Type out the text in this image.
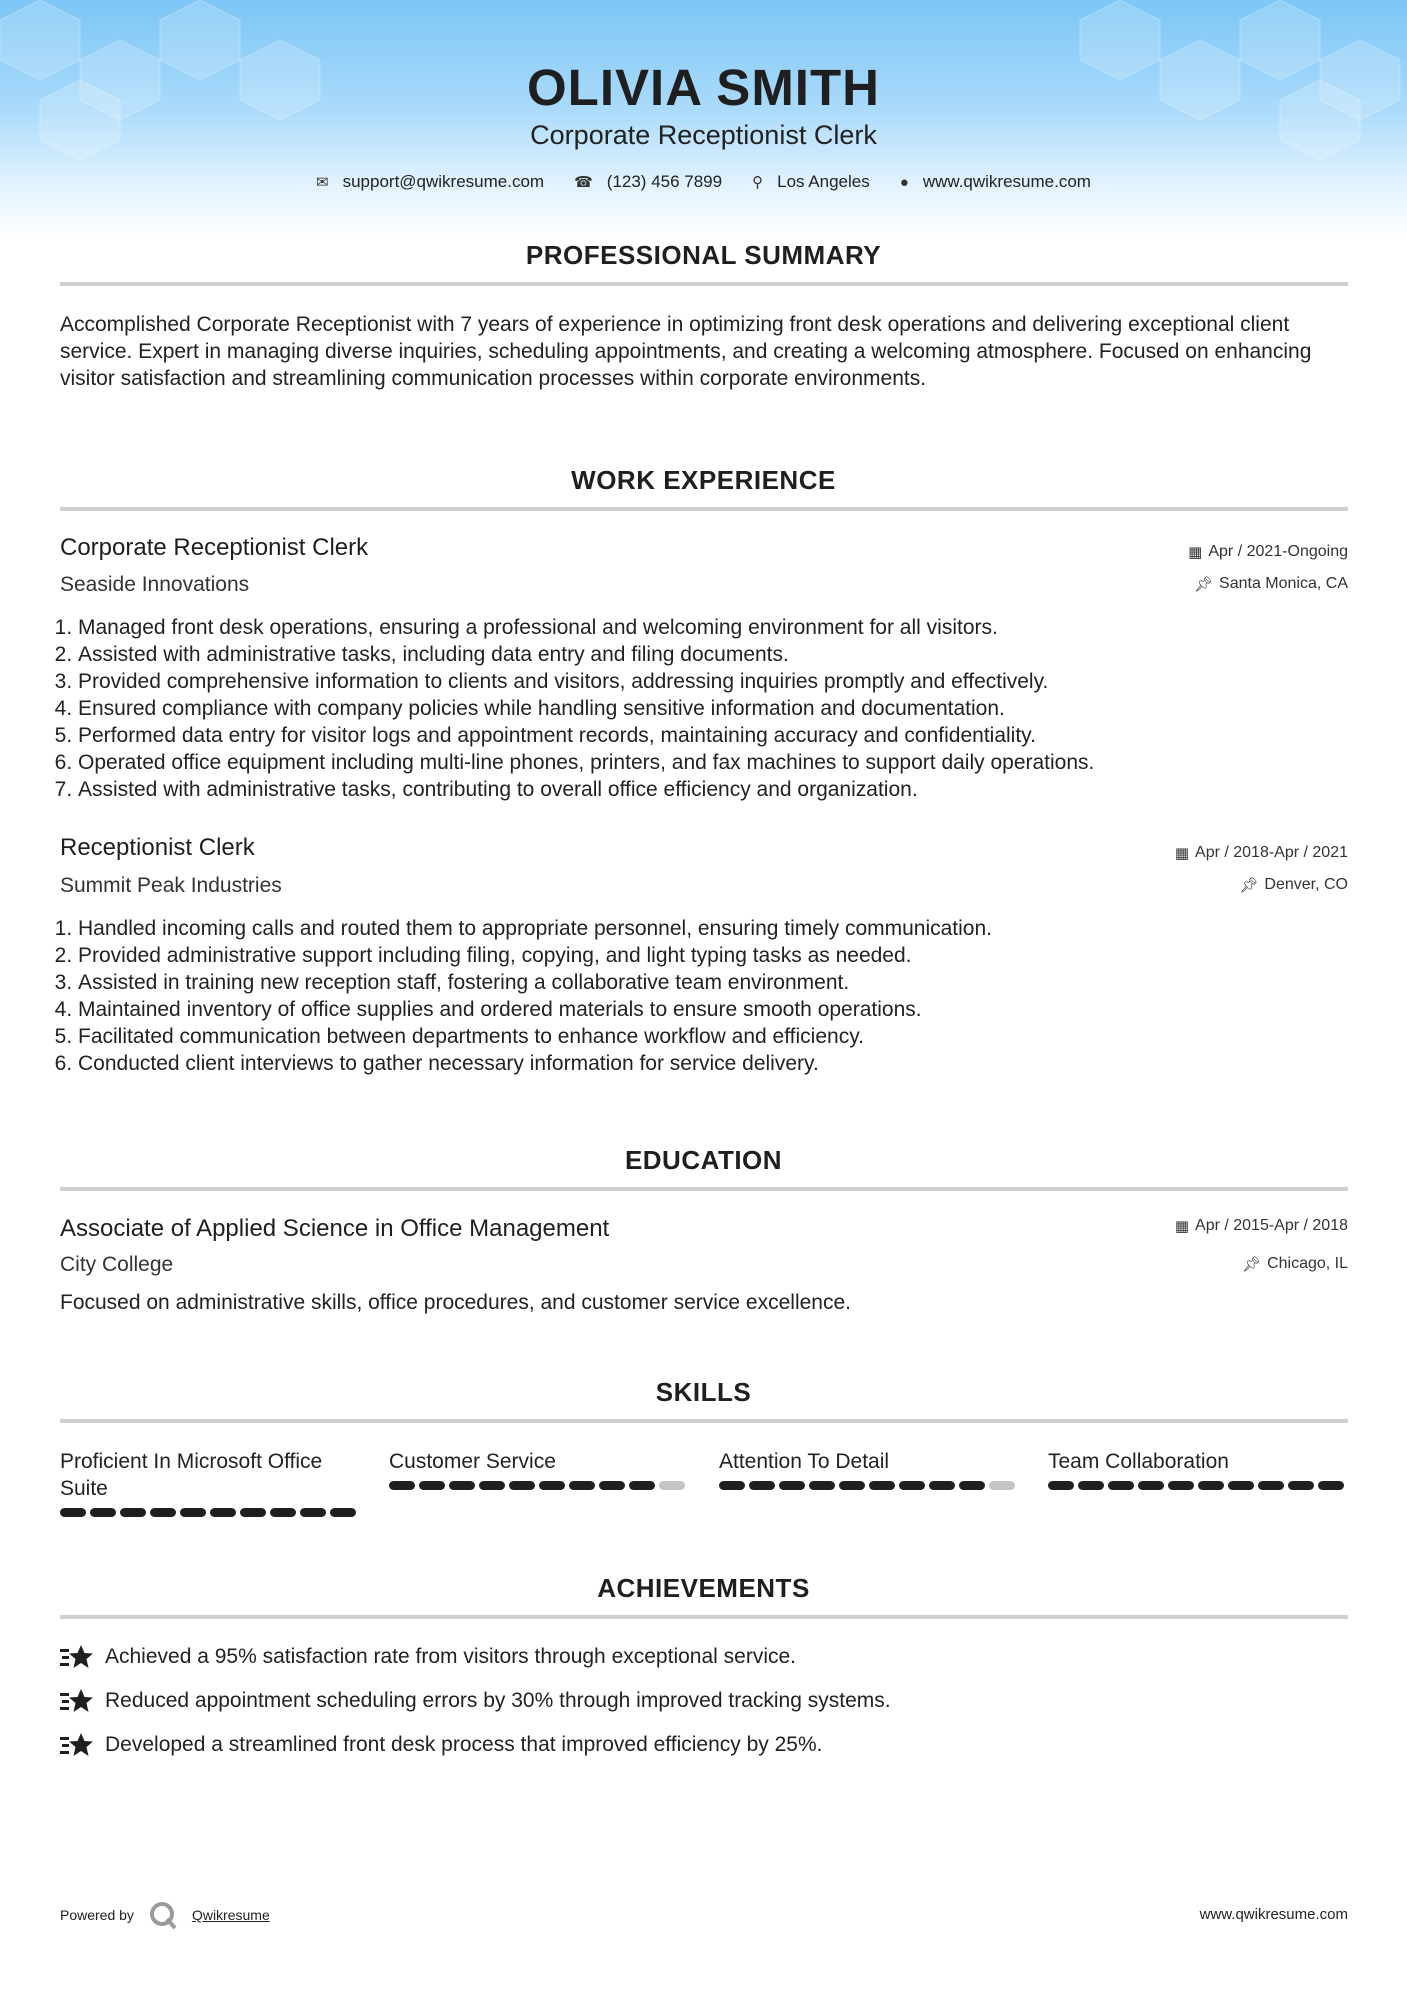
OLIVIA SMITH
Corporate Receptionist Clerk
✉ support@qwikresume.com ☎ (123) 456 7899 ⚲ Los Angeles ● www.qwikresume.com
PROFESSIONAL SUMMARY
Accomplished Corporate Receptionist with 7 years of experience in optimizing front desk operations and delivering exceptional client service. Expert in managing diverse inquiries, scheduling appointments, and creating a welcoming atmosphere. Focused on enhancing visitor satisfaction and streamlining communication processes within corporate environments.
WORK EXPERIENCE
Corporate Receptionist Clerk	▦ Apr / 2021-Ongoing
Seaside Innovations	📌︎ Santa Monica, CA
1. Managed front desk operations, ensuring a professional and welcoming environment for all visitors.
2. Assisted with administrative tasks, including data entry and filing documents.
3. Provided comprehensive information to clients and visitors, addressing inquiries promptly and effectively.
4. Ensured compliance with company policies while handling sensitive information and documentation.
5. Performed data entry for visitor logs and appointment records, maintaining accuracy and confidentiality.
6. Operated office equipment including multi-line phones, printers, and fax machines to support daily operations.
7. Assisted with administrative tasks, contributing to overall office efficiency and organization.
Receptionist Clerk	▦ Apr / 2018-Apr / 2021
Summit Peak Industries	📌︎ Denver, CO
1. Handled incoming calls and routed them to appropriate personnel, ensuring timely communication.
2. Provided administrative support including filing, copying, and light typing tasks as needed.
3. Assisted in training new reception staff, fostering a collaborative team environment.
4. Maintained inventory of office supplies and ordered materials to ensure smooth operations.
5. Facilitated communication between departments to enhance workflow and efficiency.
6. Conducted client interviews to gather necessary information for service delivery.
EDUCATION
Associate of Applied Science in Office Management	▦ Apr / 2015-Apr / 2018
City College	📌︎ Chicago, IL
Focused on administrative skills, office procedures, and customer service excellence.
SKILLS
Proficient In Microsoft Office Suite
Customer Service	Attention To Detail	Team Collaboration
ACHIEVEMENTS
Achieved a 95% satisfaction rate from visitors through exceptional service.
Reduced appointment scheduling errors by 30% through improved tracking systems.
Developed a streamlined front desk process that improved efficiency by 25%.
Powered by	Qwikresume	www.qwikresume.com
